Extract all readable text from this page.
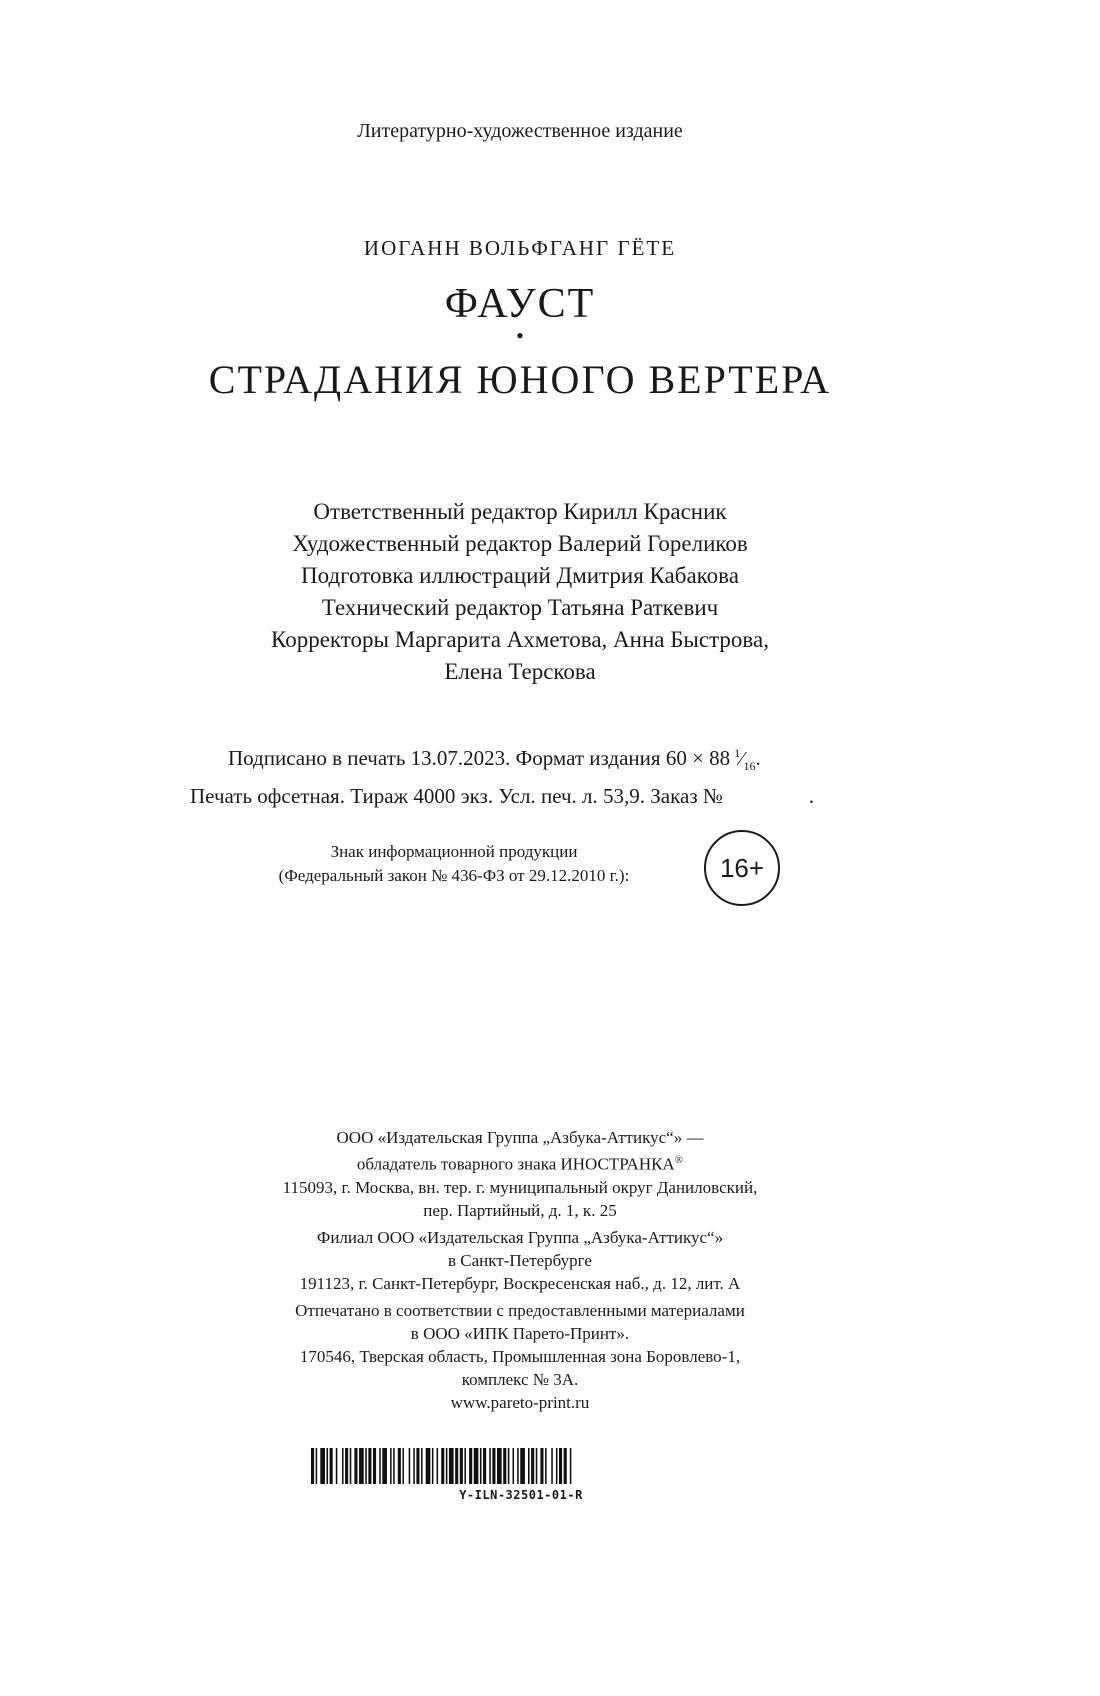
Литературно-художественное издание
ИОГАНН ВОЛЬФГАНГ ГЁТЕ
ФАУСТ
•
СТРАДАНИЯ ЮНОГО ВЕРТЕРА
Ответственный редактор Кирилл Красник
Художественный редактор Валерий Гореликов
Подготовка иллюстраций Дмитрия Кабакова
Технический редактор Татьяна Раткевич
Корректоры Маргарита Ахметова, Анна Быстрова,
Елена Терскова
Подписано в печать 13.07.2023. Формат издания 60 × 88 $^1⁄_{16}$.
Печать офсетная. Тираж 4000 экз. Усл. печ. л. 53,9. Заказ №	.
Знак информационной продукции
(Федеральный закон № 436-ФЗ от 29.12.2010 г.):	16+
ООО «Издательская Группа „Азбука-Аттикус“» —
обладатель товарного знака ИНОСТРАНКА®
115093, г. Москва, вн. тер. г. муниципальный округ Даниловский,
пер. Партийный, д. 1, к. 25
Филиал ООО «Издательская Группа „Азбука-Аттикус“»
в Санкт-Петербурге
191123, г. Санкт-Петербург, Воскресенская наб., д. 12, лит. А
Отпечатано в соответствии с предоставленными материалами
в ООО «ИПК Парето-Принт».
170546, Тверская область, Промышленная зона Боровлево-1,
комплекс № 3А.
www.pareto-print.ru
Y-ILN-32501-01-R
